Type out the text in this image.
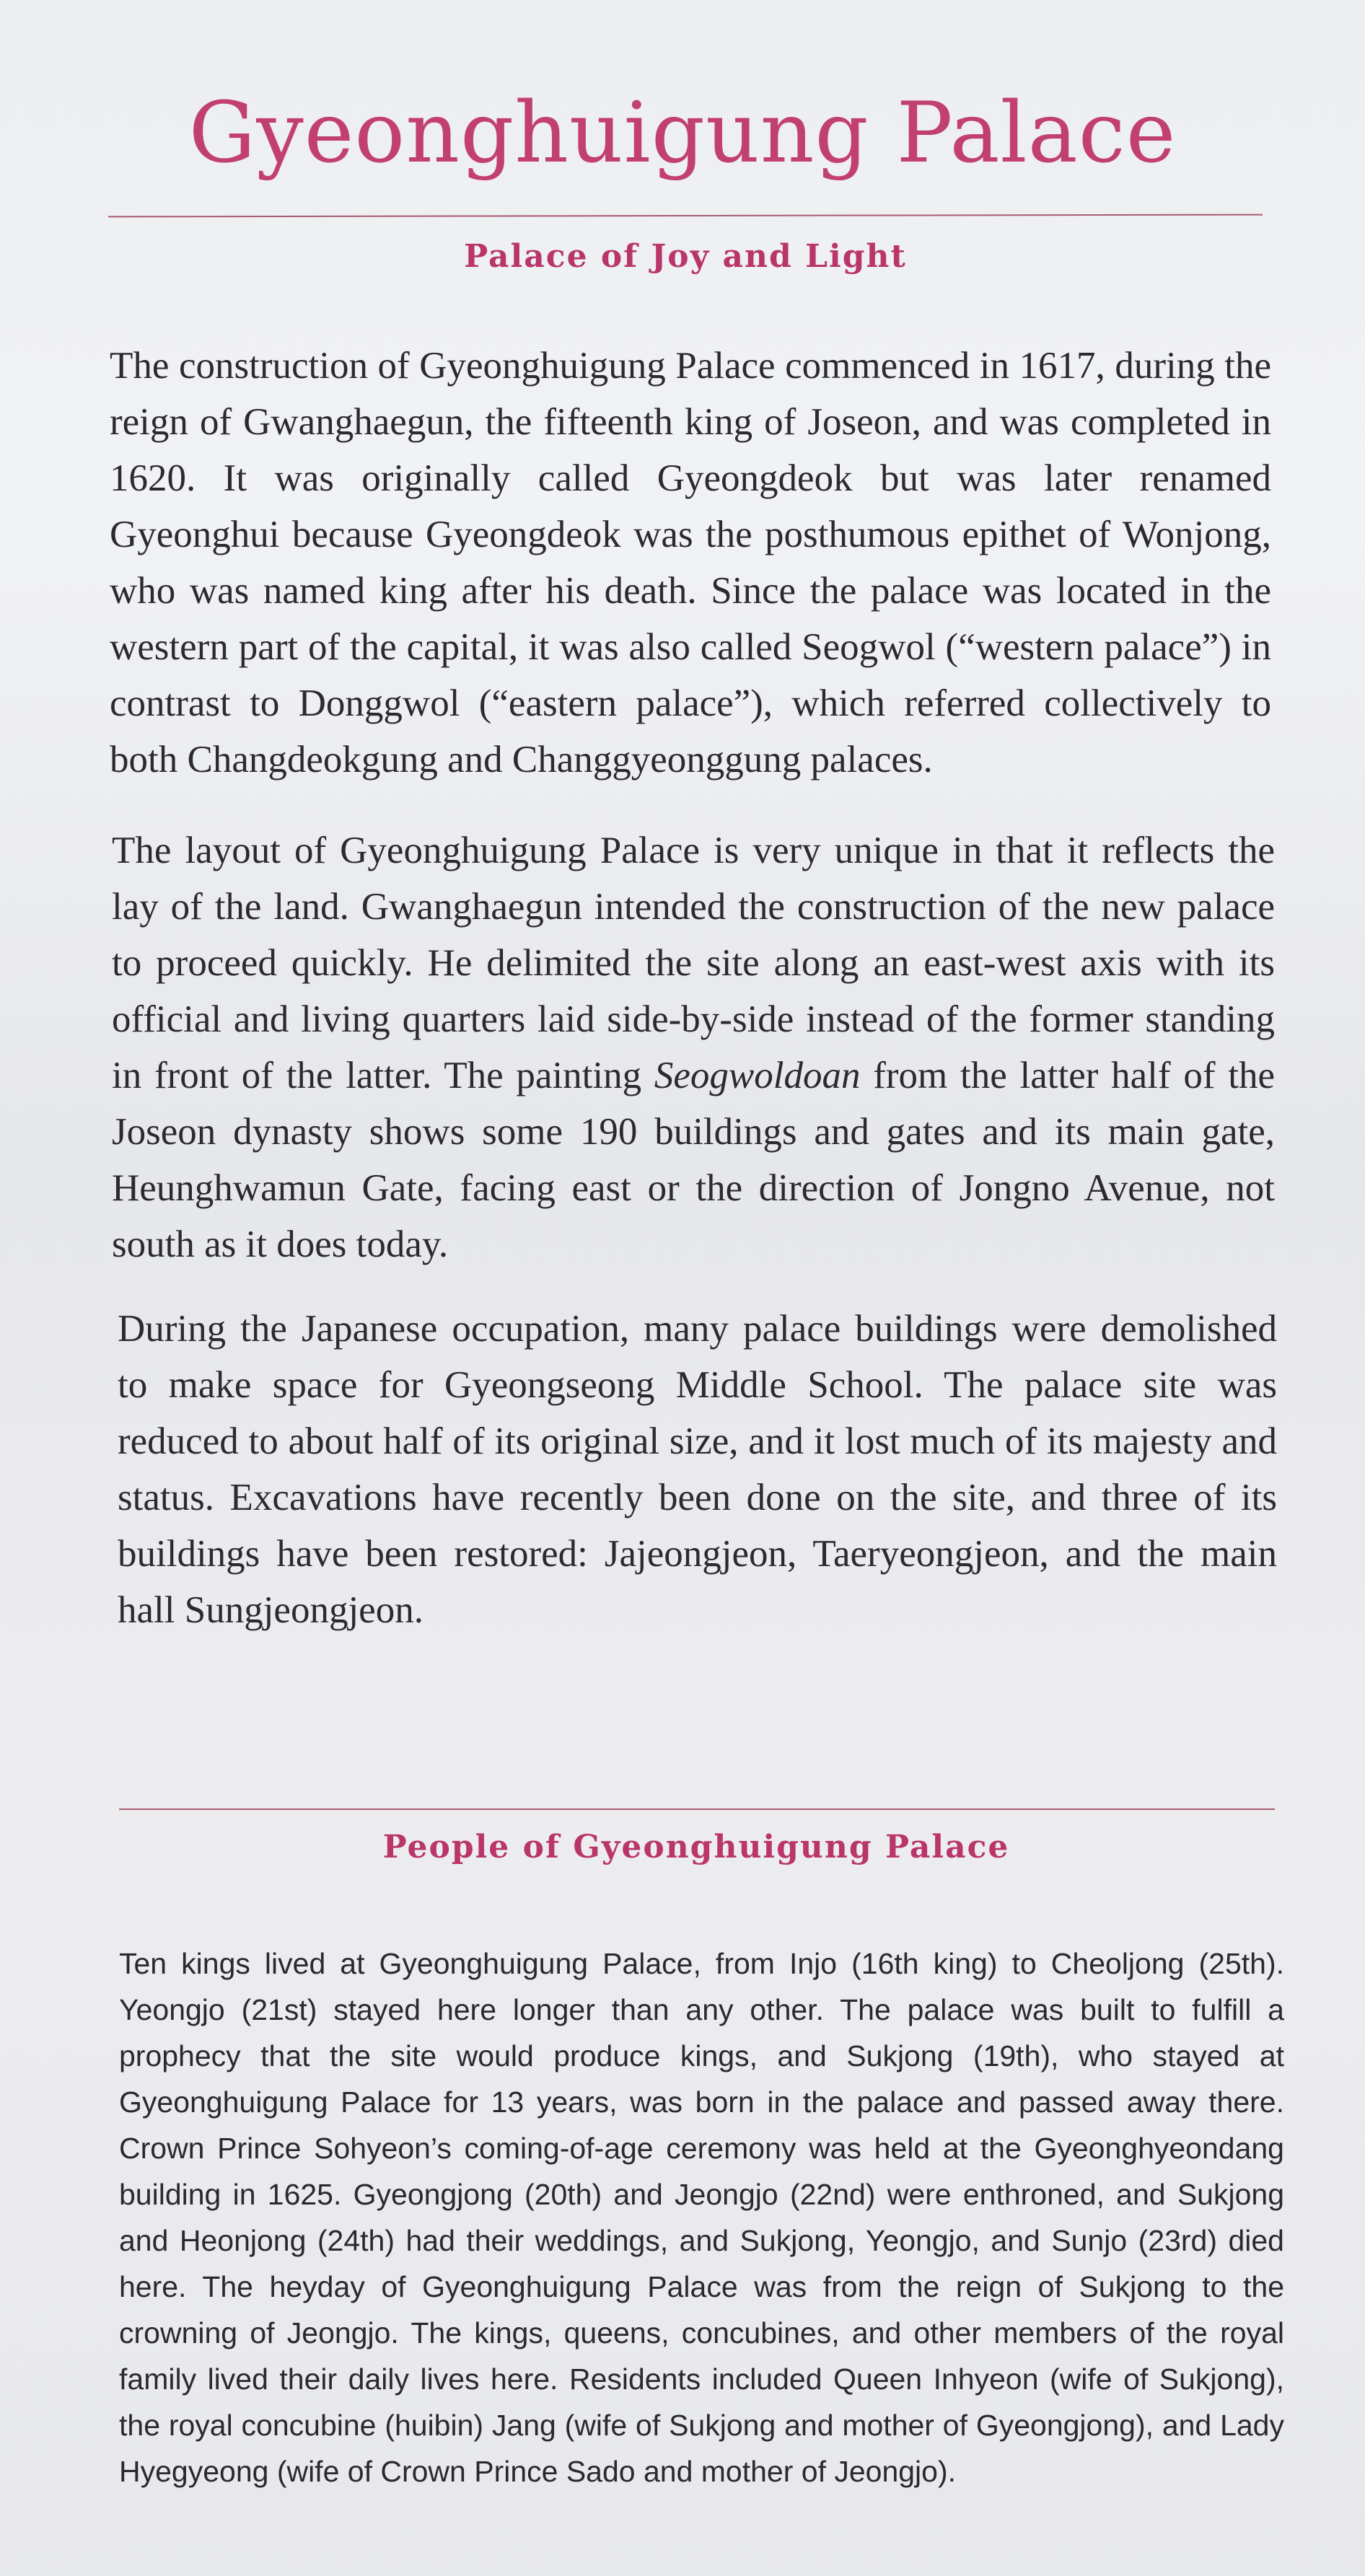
Gyeonghuigung Palace
Palace of Joy and Light

The construction of Gyeonghuigung Palace commenced in 1617, during the reign of Gwanghaegun, the fifteenth king of Joseon, and was completed in 1620. It was originally called Gyeongdeok but was later renamed Gyeonghui because Gyeongdeok was the posthumous epithet of Wonjong, who was named king after his death. Since the palace was located in the western part of the capital, it was also called Seogwol (“western palace”) in contrast to Donggwol (“eastern palace”), which referred collectively to both Changdeokgung and Changgyeonggung palaces.

The layout of Gyeonghuigung Palace is very unique in that it reflects the lay of the land. Gwanghaegun intended the construction of the new palace to proceed quickly. He delimited the site along an east-west axis with its official and living quarters laid side-by-side instead of the former standing in front of the latter. The painting Seogwoldoan from the latter half of the Joseon dynasty shows some 190 buildings and gates and its main gate, Heunghwamun Gate, facing east or the direction of Jongno Avenue, not south as it does today.

During the Japanese occupation, many palace buildings were demolished to make space for Gyeongseong Middle School. The palace site was reduced to about half of its original size, and it lost much of its majesty and status. Excavations have recently been done on the site, and three of its buildings have been restored: Jajeongjeon, Taeryeongjeon, and the main hall Sungjeongjeon.

People of Gyeonghuigung Palace

Ten kings lived at Gyeonghuigung Palace, from Injo (16th king) to Cheoljong (25th). Yeongjo (21st) stayed here longer than any other. The palace was built to fulfill a prophecy that the site would produce kings, and Sukjong (19th), who stayed at Gyeonghuigung Palace for 13 years, was born in the palace and passed away there. Crown Prince Sohyeon’s coming-of-age ceremony was held at the Gyeonghyeondang building in 1625. Gyeongjong (20th) and Jeongjo (22nd) were enthroned, and Sukjong and Heonjong (24th) had their weddings, and Sukjong, Yeongjo, and Sunjo (23rd) died here. The heyday of Gyeonghuigung Palace was from the reign of Sukjong to the crowning of Jeongjo. The kings, queens, concubines, and other members of the royal family lived their daily lives here. Residents included Queen Inhyeon (wife of Sukjong), the royal concubine (huibin) Jang (wife of Sukjong and mother of Gyeongjong), and Lady Hyegyeong (wife of Crown Prince Sado and mother of Jeongjo).
